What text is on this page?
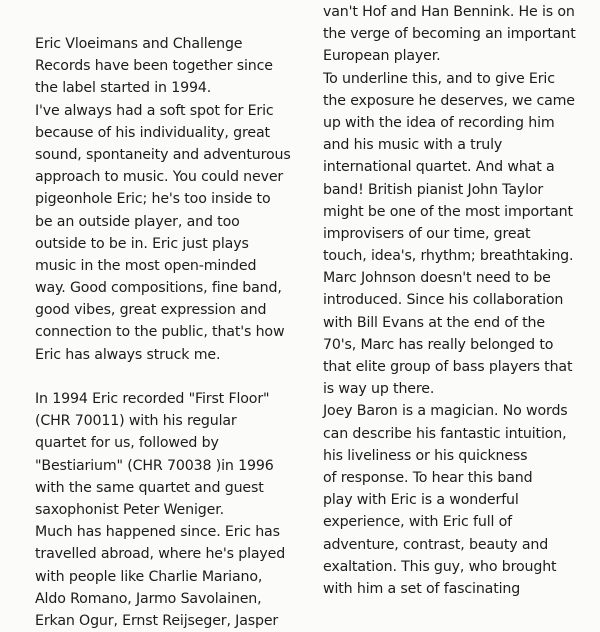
Eric Vloeimans and Challenge
Records have been together since
the label started in 1994.
I've always had a soft spot for Eric
because of his individuality, great
sound, spontaneity and adventurous
approach to music. You could never
pigeonhole Eric; he's too inside to
be an outside player, and too
outside to be in. Eric just plays
music in the most open-minded
way. Good compositions, fine band,
good vibes, great expression and
connection to the public, that's how
Eric has always struck me.
In 1994 Eric recorded "First Floor"
(CHR 70011) with his regular
quartet for us, followed by
"Bestiarium" (CHR 70038 )in 1996
with the same quartet and guest
saxophonist Peter Weniger.
Much has happened since. Eric has
travelled abroad, where he's played
with people like Charlie Mariano,
Aldo Romano, Jarmo Savolainen,
Erkan Ogur, Ernst Reijseger, Jasper
van't Hof and Han Bennink. He is on
the verge of becoming an important
European player.
To underline this, and to give Eric
the exposure he deserves, we came
up with the idea of recording him
and his music with a truly
international quartet. And what a
band! British pianist John Taylor
might be one of the most important
improvisers of our time, great
touch, idea's, rhythm; breathtaking.
Marc Johnson doesn't need to be
introduced. Since his collaboration
with Bill Evans at the end of the
70's, Marc has really belonged to
that elite group of bass players that
is way up there.
Joey Baron is a magician. No words
can describe his fantastic intuition,
his liveliness or his quickness
of response. To hear this band
play with Eric is a wonderful
experience, with Eric full of
adventure, contrast, beauty and
exaltation. This guy, who brought
with him a set of fascinating
